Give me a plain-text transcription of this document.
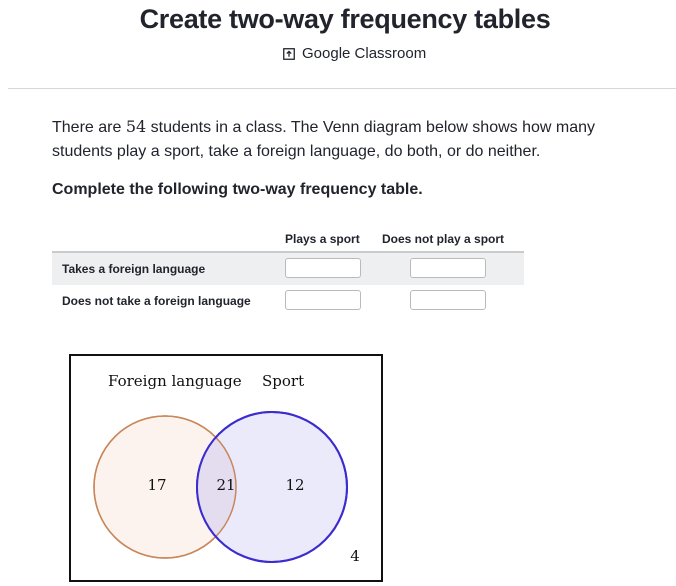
Create two-way frequency tables
Google Classroom
There are 54 students in a class. The Venn diagram below shows how many students play a sport, take a foreign language, do both, or do neither.
Complete the following two-way frequency table.
Plays a sport Does not play a sport
Takes a foreign language
Does not take a foreign language
Foreign language Sport
17	21	12
4
